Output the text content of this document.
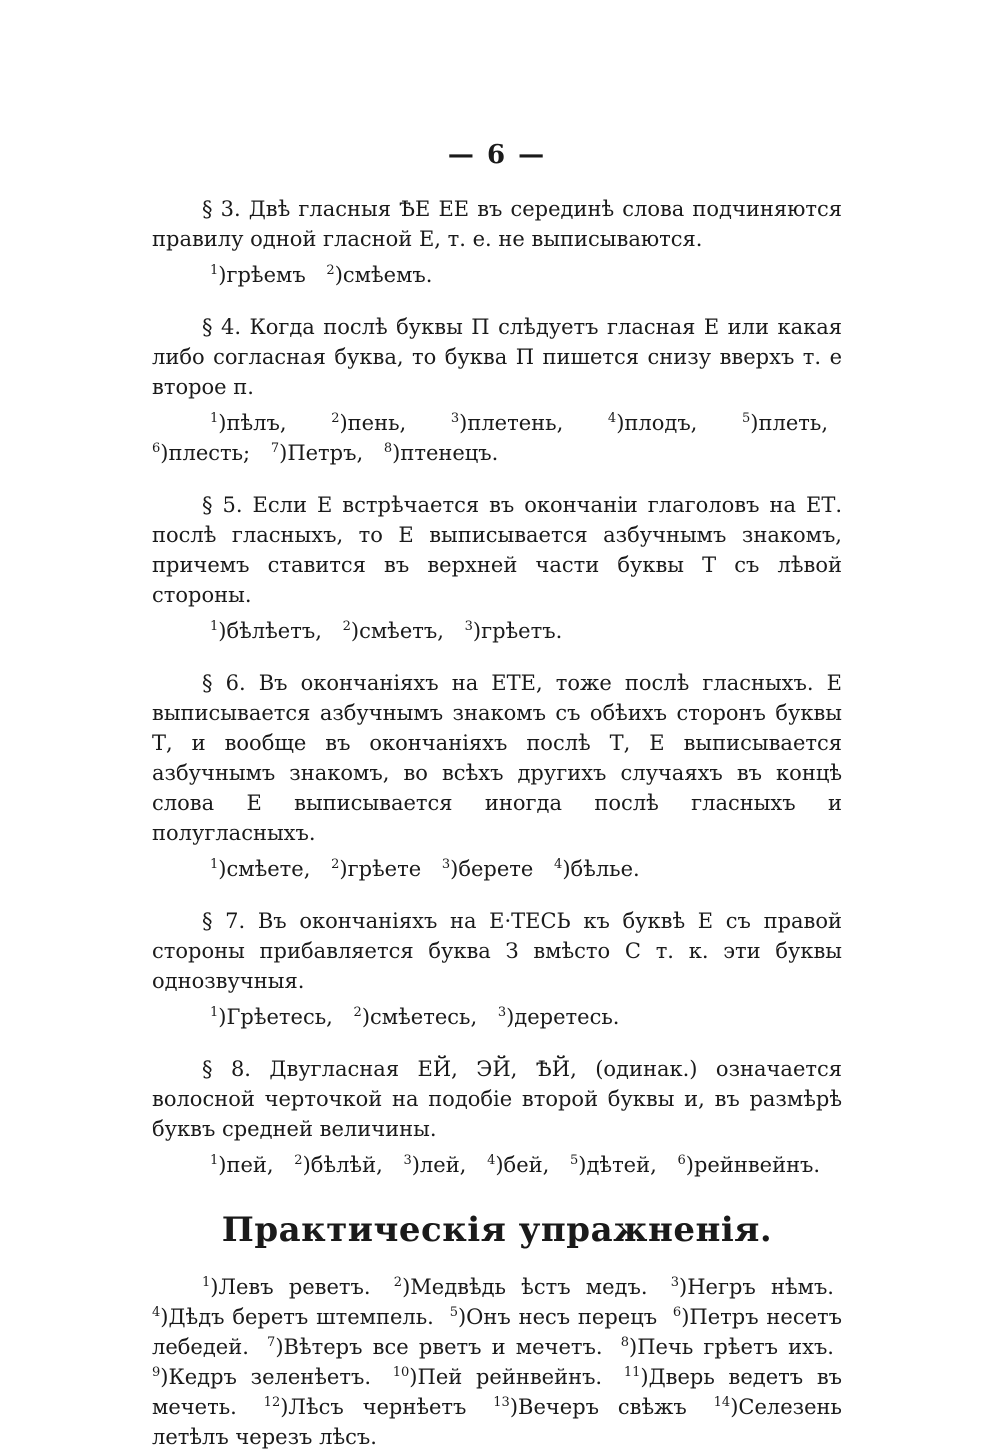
— 6 —

§ 3. Двѣ гласныя ѢЕ ЕЕ въ серединѣ слова подчиняются правилу одной гласной Е, т. е. не выписываются.

$^1$)грѣемъ $^2$)смѣемъ.

§ 4. Когда послѣ буквы П слѣдуетъ гласная Е или какая либо согласная буква, то буква П пишется снизу вверхъ т. е второе п.

$^1$)пѣлъ,	$^2$)пень,	$^3$)плетень,	$^4$)плодъ,	$^5$)плеть, $^6$)плесть; $^7$)Петръ, $^8$)птенецъ.

§ 5. Если Е встрѣчается въ окончаніи глаголовъ на ЕТ. послѣ гласныхъ, то Е выписывается азбучнымъ знакомъ, причемъ ставится въ верхней части буквы Т съ лѣвой стороны.

$^1$)бѣлѣетъ, $^2$)смѣетъ, $^3$)грѣетъ.

§ 6. Въ окончаніяхъ на ЕТЕ, тоже послѣ гласныхъ. Е выписывается азбучнымъ знакомъ съ обѣихъ сторонъ буквы Т, и вообще въ окончаніяхъ послѣ Т, Е выписывается азбучнымъ знакомъ, во всѣхъ другихъ случаяхъ въ концѣ слова Е выписывается иногда послѣ гласныхъ и полугласныхъ.

$^1$)смѣете, $^2$)грѣете $^3$)берете $^4$)бѣлье.

§ 7. Въ окончаніяхъ на Е·ТЕСЬ къ буквѣ Е съ правой стороны прибавляется буква З вмѣсто С т. к. эти буквы однозвучныя.

$^1$)Грѣетесь, $^2$)смѣетесь, $^3$)деретесь.

§ 8. Двугласная ЕЙ, ЭЙ, ѢЙ, (одинак.) означается волосной черточкой на подобіе второй буквы и, въ размѣрѣ буквъ средней величины.

$^1$)пей, $^2$)бѣлѣй, $^3$)лей, $^4$)бей, $^5$)дѣтей, $^6$)рейнвейнъ.

Практическія упражненія.

$^1$)Левъ реветъ. $^2$)Медвѣдь ѣстъ медъ. $^3$)Негръ нѣмъ. $^4$)Дѣдъ беретъ штемпель. $^5$)Онъ несъ перецъ $^6$)Петръ несетъ лебедей. $^7$)Вѣтеръ все рветъ и мечетъ. $^8$)Печь грѣетъ ихъ. $^9$)Кедръ зеленѣетъ. $^{10}$)Пей рейнвейнъ. $^{11}$)Дверь ведетъ въ мечеть. $^{12}$)Лѣсъ чернѣетъ $^{13}$)Вечеръ свѣжъ $^{14}$)Селезень летѣлъ черезъ лѣсъ.
